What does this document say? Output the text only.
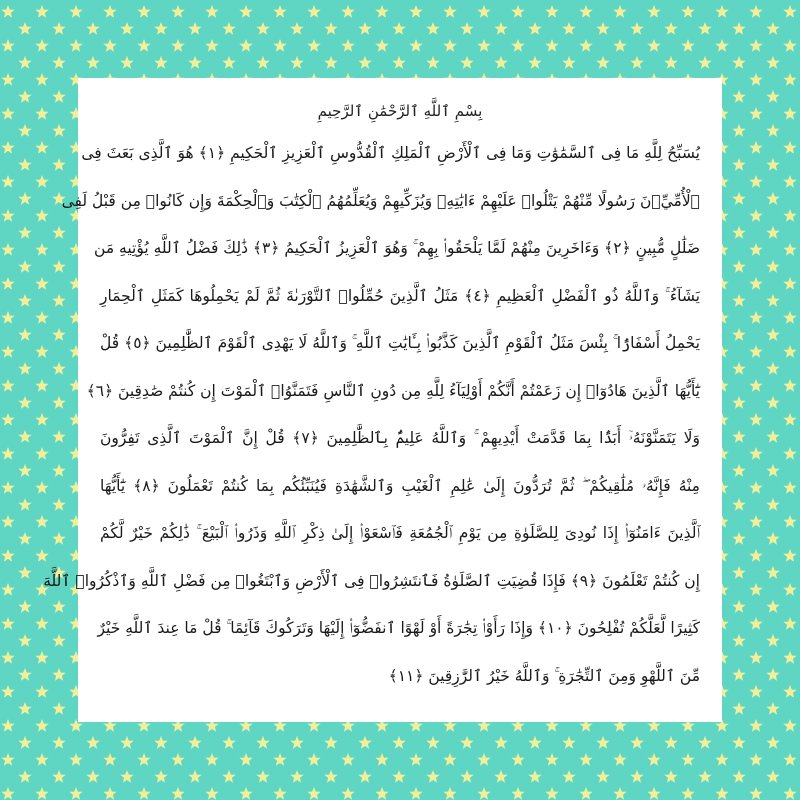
بِسْمِ ٱللَّهِ ٱلرَّحْمَٰنِ ٱلرَّحِيمِ
يُسَبِّحُ لِلَّهِ مَا فِى ٱلسَّمَٰوَٰتِ وَمَا فِى ٱلْأَرْضِ ٱلْمَلِكِ ٱلْقُدُّوسِ ٱلْعَزِيزِ ٱلْحَكِيمِ ﴿١﴾ هُوَ ٱلَّذِى بَعَثَ فِى
ٱلْأُمِّيِّۦنَ رَسُولًا مِّنْهُمْ يَتْلُوا۟ عَلَيْهِمْ ءَايَٰتِهِۦ وَيُزَكِّيهِمْ وَيُعَلِّمُهُمُ ٱلْكِتَٰبَ وَٱلْحِكْمَةَ وَإِن كَانُوا۟ مِن قَبْلُ لَفِى
ضَلَٰلٍ مُّبِينٍ ﴿٢﴾ وَءَاخَرِينَ مِنْهُمْ لَمَّا يَلْحَقُوا۟ بِهِمْ ۚ وَهُوَ ٱلْعَزِيزُ ٱلْحَكِيمُ ﴿٣﴾ ذَٰلِكَ فَضْلُ ٱللَّهِ يُؤْتِيهِ مَن
يَشَآءُ ۚ وَٱللَّهُ ذُو ٱلْفَضْلِ ٱلْعَظِيمِ ﴿٤﴾ مَثَلُ ٱلَّذِينَ حُمِّلُوا۟ ٱلتَّوْرَىٰةَ ثُمَّ لَمْ يَحْمِلُوهَا كَمَثَلِ ٱلْحِمَارِ
يَحْمِلُ أَسْفَارًۢا ۚ بِئْسَ مَثَلُ ٱلْقَوْمِ ٱلَّذِينَ كَذَّبُوا۟ بِـَٔايَٰتِ ٱللَّهِ ۚ وَٱللَّهُ لَا يَهْدِى ٱلْقَوْمَ ٱلظَّٰلِمِينَ ﴿٥﴾ قُلْ
يَٰٓأَيُّهَا ٱلَّذِينَ هَادُوٓا۟ إِن زَعَمْتُمْ أَنَّكُمْ أَوْلِيَآءُ لِلَّهِ مِن دُونِ ٱلنَّاسِ فَتَمَنَّوُا۟ ٱلْمَوْتَ إِن كُنتُمْ صَٰدِقِينَ ﴿٦﴾
وَلَا يَتَمَنَّوْنَهُۥٓ أَبَدًۢا بِمَا قَدَّمَتْ أَيْدِيهِمْ ۚ وَٱللَّهُ عَلِيمٌۢ بِٱلظَّٰلِمِينَ ﴿٧﴾ قُلْ إِنَّ ٱلْمَوْتَ ٱلَّذِى تَفِرُّونَ
مِنْهُ فَإِنَّهُۥ مُلَٰقِيكُمْ ۖ ثُمَّ تُرَدُّونَ إِلَىٰ عَٰلِمِ ٱلْغَيْبِ وَٱلشَّهَٰدَةِ فَيُنَبِّئُكُم بِمَا كُنتُمْ تَعْمَلُونَ ﴿٨﴾ يَٰٓأَيُّهَا
ٱلَّذِينَ ءَامَنُوٓا۟ إِذَا نُودِىَ لِلصَّلَوٰةِ مِن يَوْمِ ٱلْجُمُعَةِ فَٱسْعَوْا۟ إِلَىٰ ذِكْرِ ٱللَّهِ وَذَرُوا۟ ٱلْبَيْعَ ۚ ذَٰلِكُمْ خَيْرٌ لَّكُمْ
إِن كُنتُمْ تَعْلَمُونَ ﴿٩﴾ فَإِذَا قُضِيَتِ ٱلصَّلَوٰةُ فَٱنتَشِرُوا۟ فِى ٱلْأَرْضِ وَٱبْتَغُوا۟ مِن فَضْلِ ٱللَّهِ وَٱذْكُرُوا۟ ٱللَّهَ
كَثِيرًا لَّعَلَّكُمْ تُفْلِحُونَ ﴿١٠﴾ وَإِذَا رَأَوْا۟ تِجَٰرَةً أَوْ لَهْوًا ٱنفَضُّوٓا۟ إِلَيْهَا وَتَرَكُوكَ قَآئِمًا ۚ قُلْ مَا عِندَ ٱللَّهِ خَيْرٌ
مِّنَ ٱللَّهْوِ وَمِنَ ٱلتِّجَٰرَةِ ۚ وَٱللَّهُ خَيْرُ ٱلرَّٰزِقِينَ ﴿١١﴾
